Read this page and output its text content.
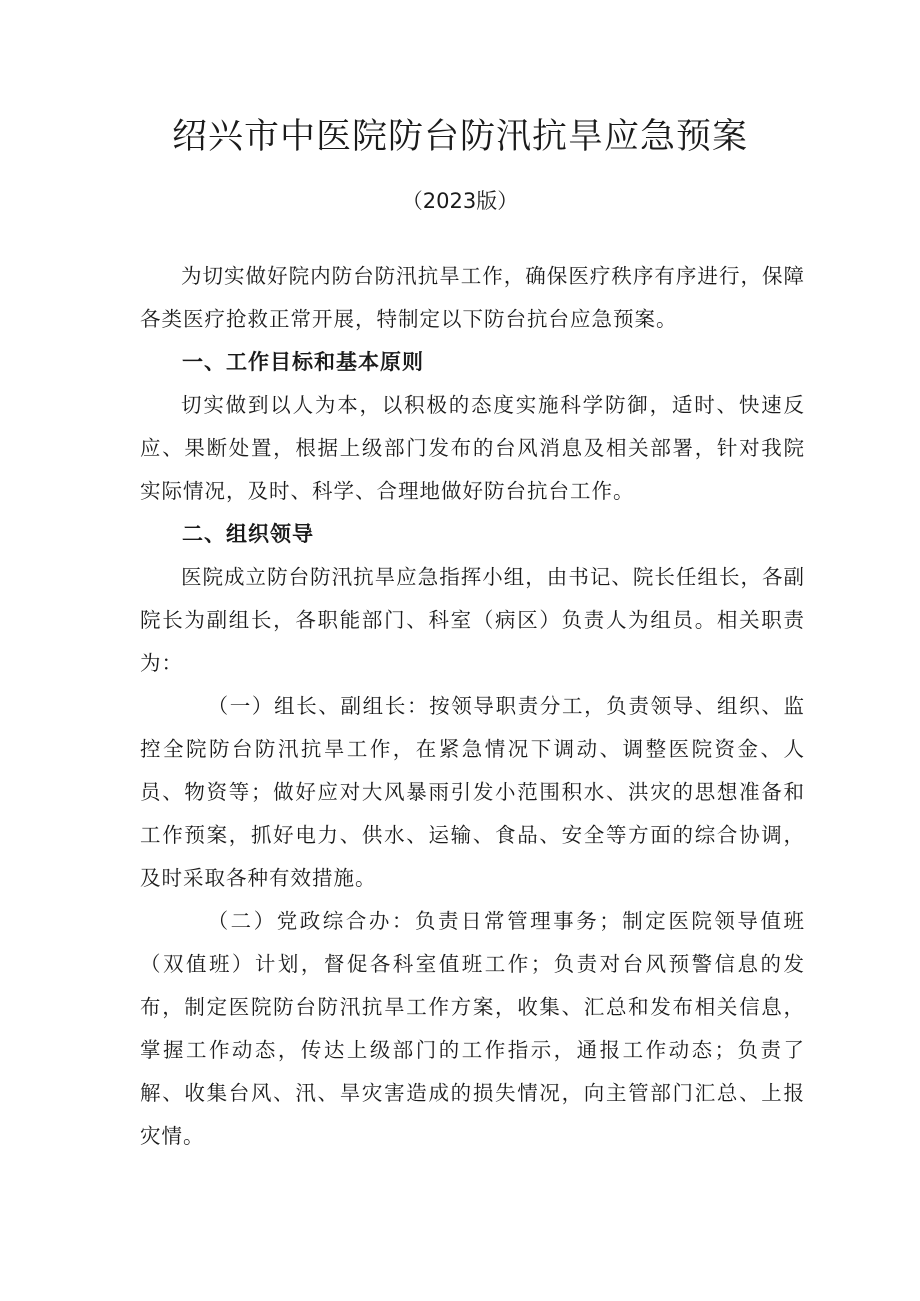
绍兴市中医院防台防汛抗旱应急预案
（2023版）

为切实做好院内防台防汛抗旱工作，确保医疗秩序有序进行，保障各类医疗抢救正常开展，特制定以下防台抗台应急预案。

一、工作目标和基本原则

切实做到以人为本，以积极的态度实施科学防御，适时、快速反应、果断处置，根据上级部门发布的台风消息及相关部署，针对我院实际情况，及时、科学、合理地做好防台抗台工作。

二、组织领导

医院成立防台防汛抗旱应急指挥小组，由书记、院长任组长，各副院长为副组长，各职能部门、科室（病区）负责人为组员。相关职责为：

（一）组长、副组长：按领导职责分工，负责领导、组织、监控全院防台防汛抗旱工作，在紧急情况下调动、调整医院资金、人员、物资等；做好应对大风暴雨引发小范围积水、洪灾的思想准备和工作预案，抓好电力、供水、运输、食品、安全等方面的综合协调，及时采取各种有效措施。

（二）党政综合办：负责日常管理事务；制定医院领导值班（双值班）计划，督促各科室值班工作；负责对台风预警信息的发布，制定医院防台防汛抗旱工作方案，收集、汇总和发布相关信息，掌握工作动态，传达上级部门的工作指示，通报工作动态；负责了解、收集台风、汛、旱灾害造成的损失情况，向主管部门汇总、上报灾情。
